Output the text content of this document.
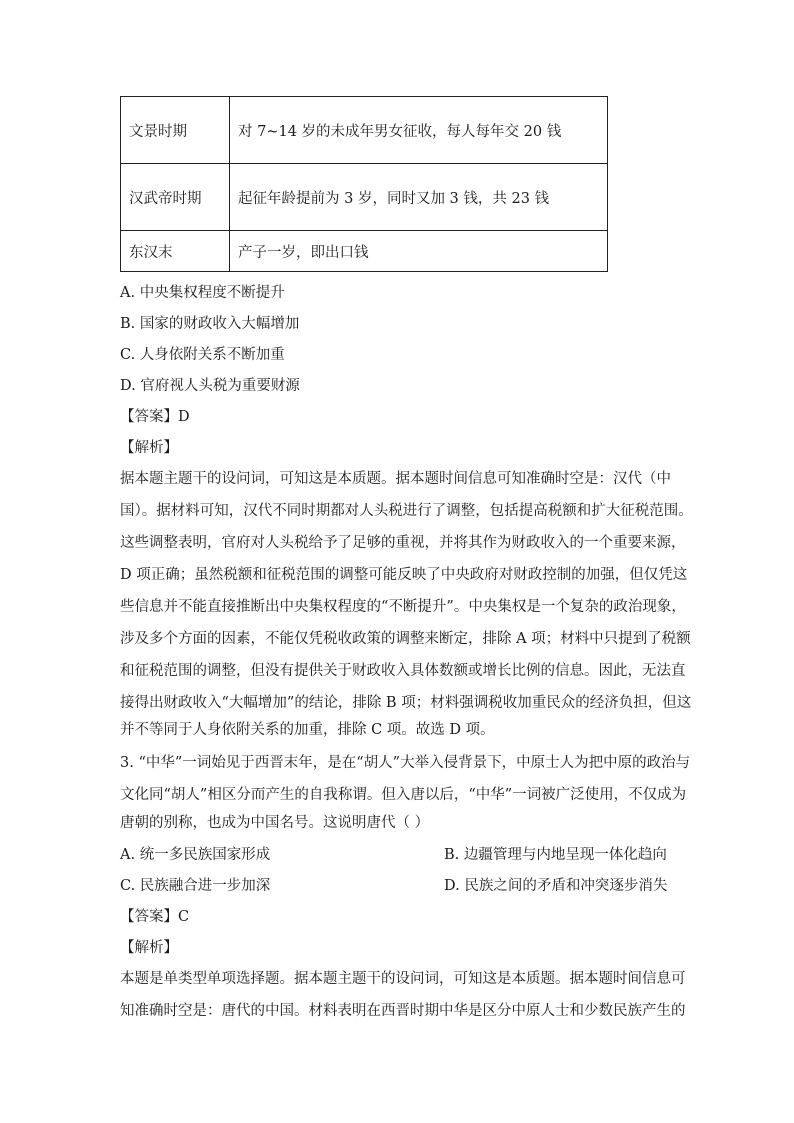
文景时期	对 7~14 岁的未成年男女征收，每人每年交 20 钱
汉武帝时期	起征年龄提前为 3 岁，同时又加 3 钱，共 23 钱
东汉末	产子一岁，即出口钱
A. 中央集权程度不断提升
B. 国家的财政收入大幅增加
C. 人身依附关系不断加重
D. 官府视人头税为重要财源
【答案】D
【解析】
据本题主题干的设问词，可知这是本质题。据本题时间信息可知准确时空是：汉代（中
国）。据材料可知，汉代不同时期都对人头税进行了调整，包括提高税额和扩大征税范围。
这些调整表明，官府对人头税给予了足够的重视，并将其作为财政收入的一个重要来源，
D 项正确；虽然税额和征税范围的调整可能反映了中央政府对财政控制的加强，但仅凭这
些信息并不能直接推断出中央集权程度的“不断提升”。中央集权是一个复杂的政治现象，
涉及多个方面的因素，不能仅凭税收政策的调整来断定，排除 A 项；材料中只提到了税额
和征税范围的调整，但没有提供关于财政收入具体数额或增长比例的信息。因此，无法直
接得出财政收入“大幅增加”的结论，排除 B 项；材料强调税收加重民众的经济负担，但这
并不等同于人身依附关系的加重，排除 C 项。故选 D 项。
3. “中华”一词始见于西晋末年，是在“胡人”大举入侵背景下，中原士人为把中原的政治与
文化同“胡人”相区分而产生的自我称谓。但入唐以后，“中华”一词被广泛使用，不仅成为
唐朝的别称，也成为中国名号。这说明唐代（ ）
A. 统一多民族国家形成	B. 边疆管理与内地呈现一体化趋向
C. 民族融合进一步加深	D. 民族之间的矛盾和冲突逐步消失
【答案】C
【解析】
本题是单类型单项选择题。据本题主题干的设问词，可知这是本质题。据本题时间信息可
知准确时空是：唐代的中国。材料表明在西晋时期中华是区分中原人士和少数民族产生的
